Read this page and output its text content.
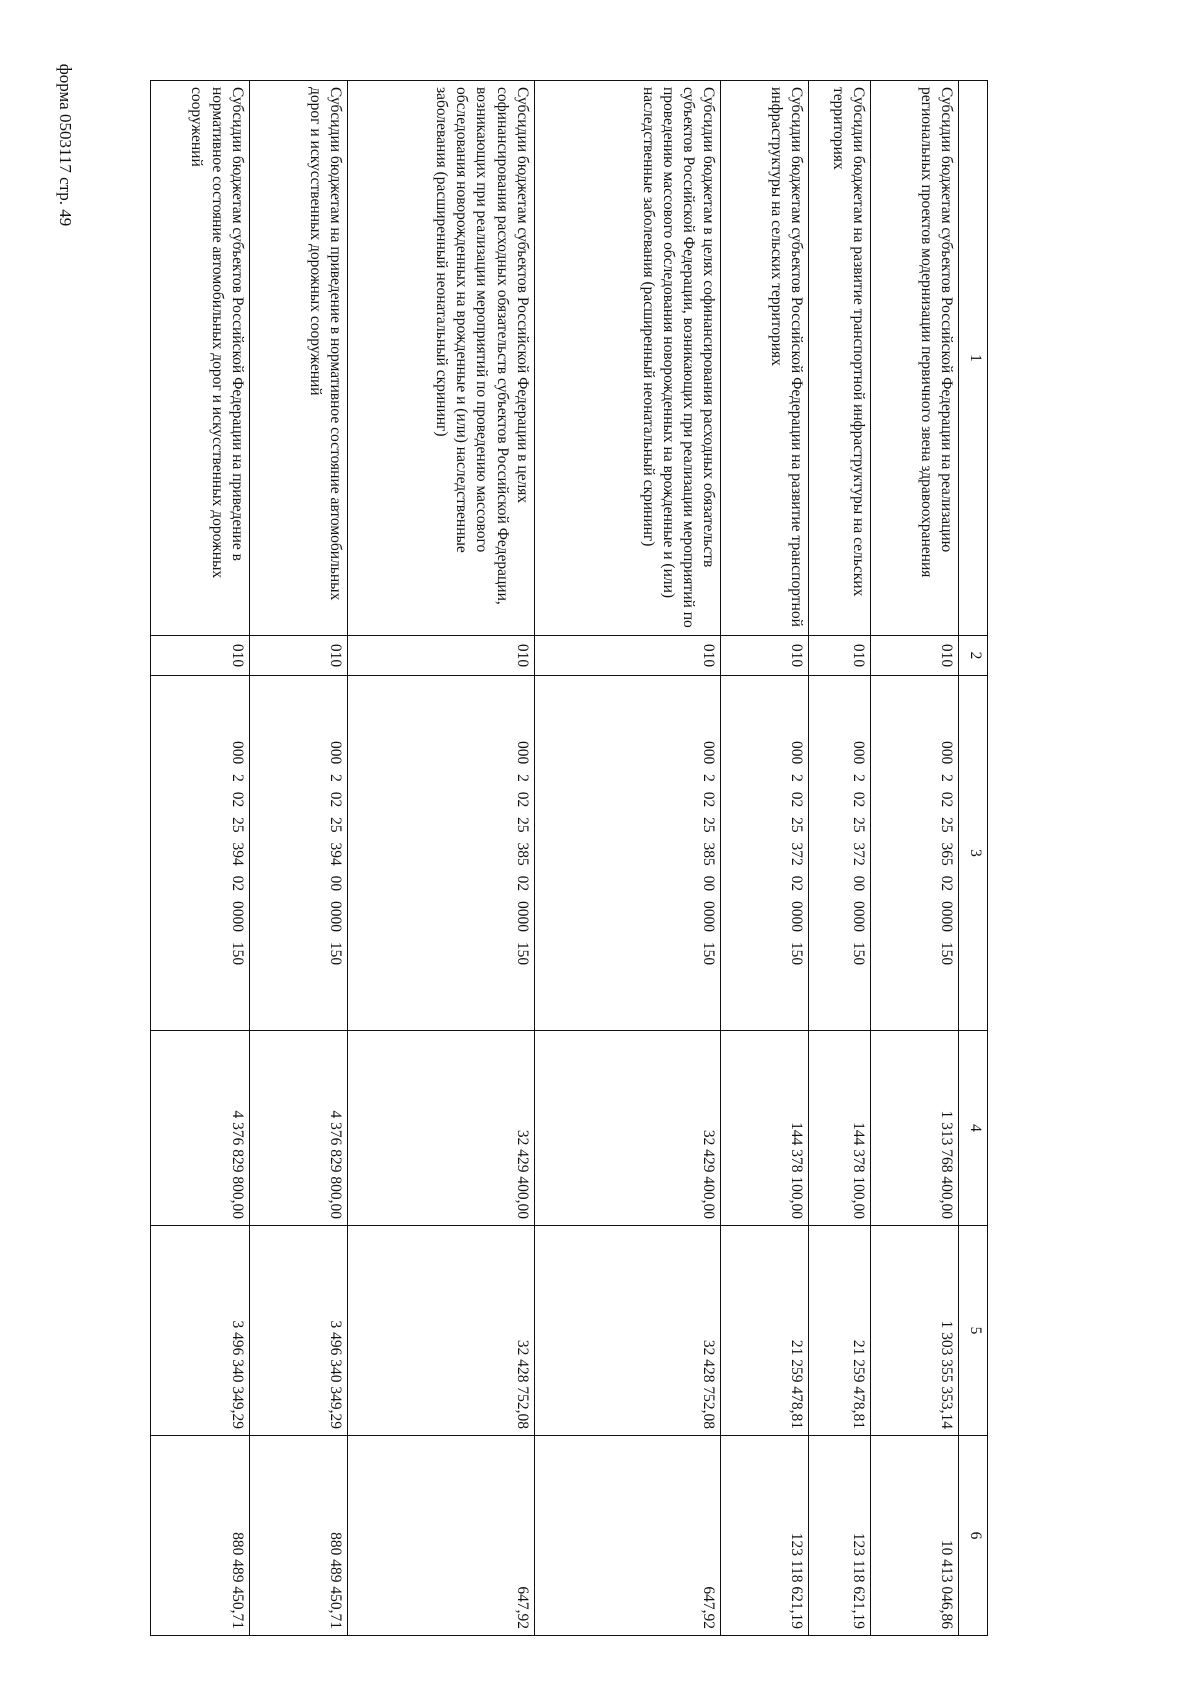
форма 0503117 стр. 49
1	2	3	4	5	6
Субсидии бюджетам субъектов Российской Федерации на реализацию региональных проектов модернизации первичного звена здравоохранения	010	000 2 02 25 365 02 0000 150	1 313 768 400,00	1 303 355 353,14	10 413 046,86
Субсидии бюджетам на развитие транспортной инфраструктуры на сельских территориях	010	000 2 02 25 372 00 0000 150	144 378 100,00	21 259 478,81	123 118 621,19
Субсидии бюджетам субъектов Российской Федерации на развитие транспортной инфраструктуры на сельских территориях	010	000 2 02 25 372 02 0000 150	144 378 100,00	21 259 478,81	123 118 621,19
Субсидии бюджетам в целях софинансирования расходных обязательств субъектов Российской Федерации, возникающих при реализации мероприятий по проведению массового обследования новорожденных на врожденные и (или) наследственные заболевания (расширенный неонатальный скрининг)	010	000 2 02 25 385 00 0000 150	32 429 400,00	32 428 752,08	647,92
Субсидии бюджетам субъектов Российской Федерации в целях софинансирования расходных обязательств субъектов Российской Федерации, возникающих при реализации мероприятий по проведению массового обследования новорожденных на врожденные и (или) наследственные заболевания (расширенный неонатальный скрининг)	010	000 2 02 25 385 02 0000 150	32 429 400,00	32 428 752,08	647,92
Субсидии бюджетам на приведение в нормативное состояние автомобильных дорог и искусственных дорожных сооружений	010	000 2 02 25 394 00 0000 150	4 376 829 800,00	3 496 340 349,29	880 489 450,71
Субсидии бюджетам субъектов Российской Федерации на приведение в нормативное состояние автомобильных дорог и искусственных дорожных сооружений	010	000 2 02 25 394 02 0000 150	4 376 829 800,00	3 496 340 349,29	880 489 450,71
